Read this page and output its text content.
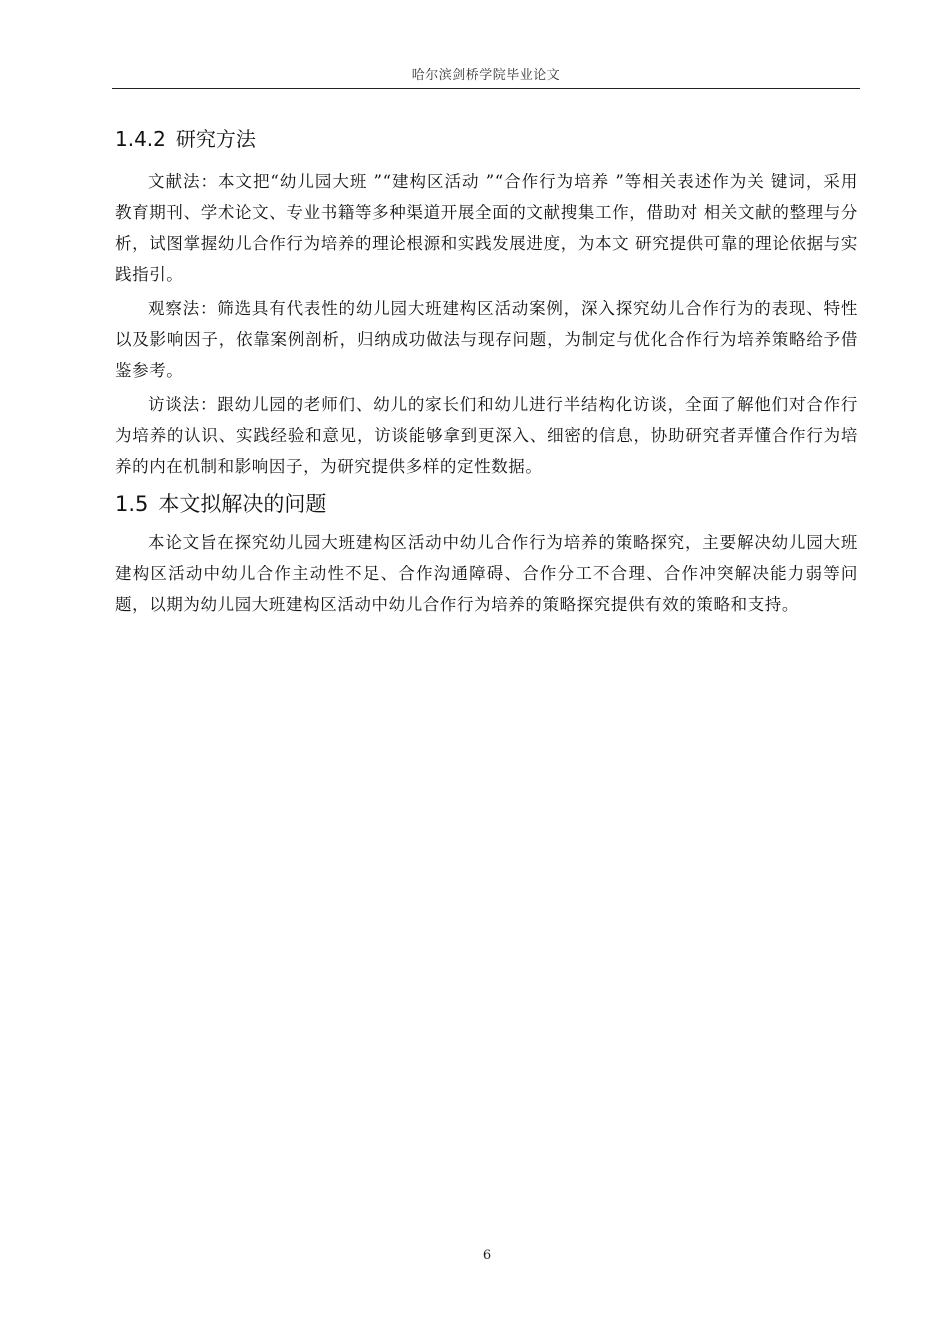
哈尔滨剑桥学院毕业论文
1.4.2 研究方法

文献法：本文把“幼儿园大班 ”“建构区活动 ”“合作行为培养 ”等相关表述作为关 键词，采用教育期刊、学术论文、专业书籍等多种渠道开展全面的文献搜集工作，借助对 相关文献的整理与分析，试图掌握幼儿合作行为培养的理论根源和实践发展进度，为本文 研究提供可靠的理论依据与实践指引。

观察法：筛选具有代表性的幼儿园大班建构区活动案例，深入探究幼儿合作行为的表现、特性以及影响因子，依靠案例剖析，归纳成功做法与现存问题，为制定与优化合作行为培养策略给予借鉴参考。

访谈法：跟幼儿园的老师们、幼儿的家长们和幼儿进行半结构化访谈，全面了解他们对合作行为培养的认识、实践经验和意见，访谈能够拿到更深入、细密的信息，协助研究者弄懂合作行为培养的内在机制和影响因子，为研究提供多样的定性数据。

1.5 本文拟解决的问题

本论文旨在探究幼儿园大班建构区活动中幼儿合作行为培养的策略探究，主要解决幼儿园大班建构区活动中幼儿合作主动性不足、合作沟通障碍、合作分工不合理、合作冲突解决能力弱等问题，以期为幼儿园大班建构区活动中幼儿合作行为培养的策略探究提供有效的策略和支持。

6
